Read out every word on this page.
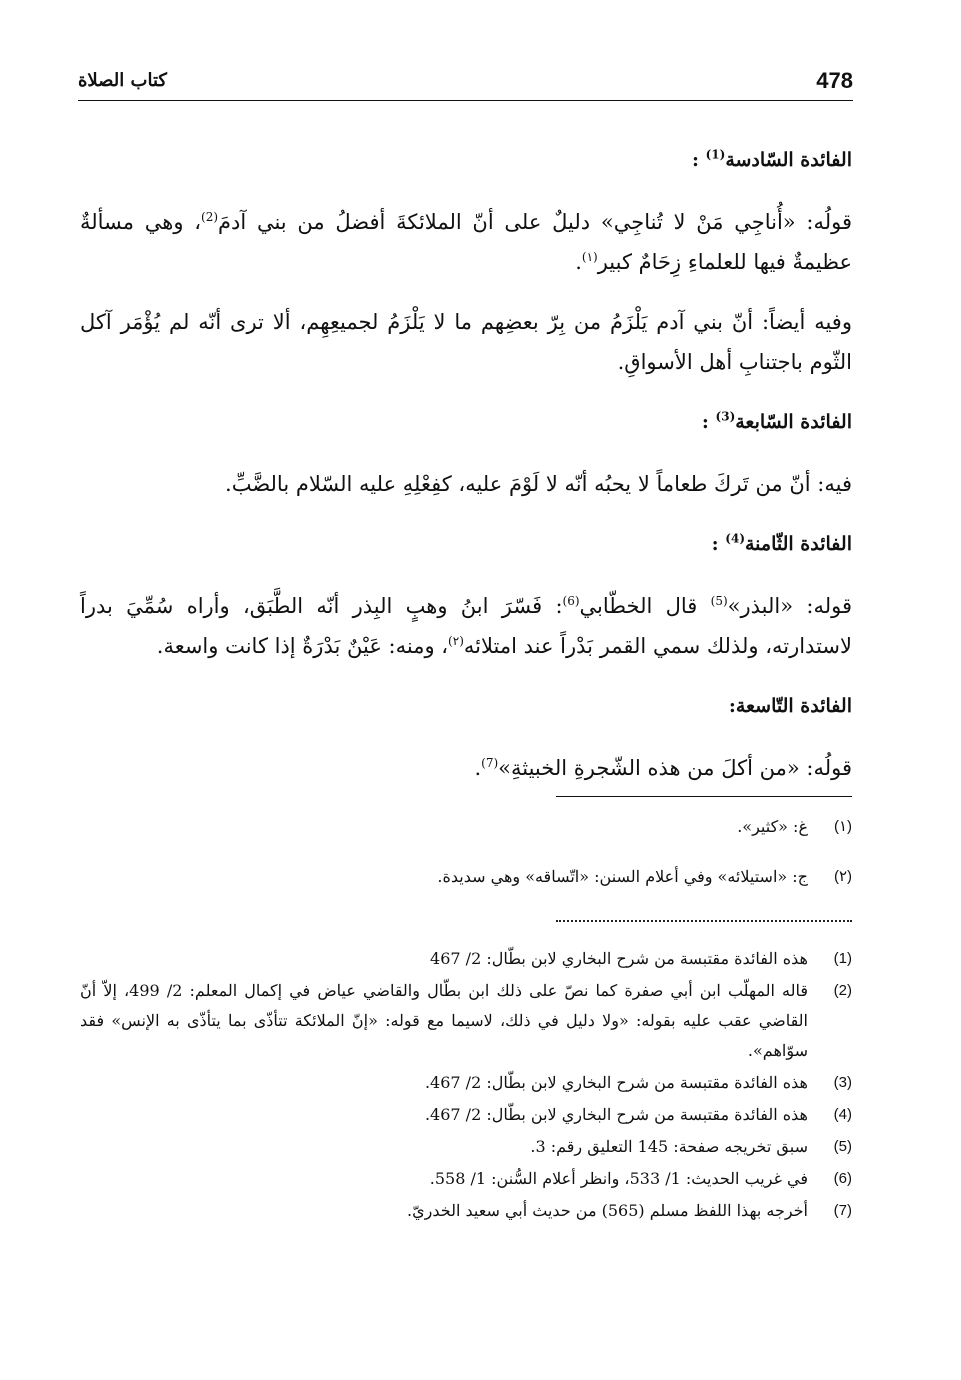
478
كتاب الصلاة
الفائدة السّادسة$^{(1)}$ :

قولُه: «أُناجِي مَنْ لا تُناجِي» دليلٌ على أنّ الملائكةَ أفضلُ من بني آدمَ$^{(2)}$، وهي مسألةٌ عظيمةٌ فيها للعلماءِ زِحَامٌ كبير$^{(١)}$.

وفيه أيضاً: أنّ بني آدم يَلْزَمُ من بِرّ بعضِهم ما لا يَلْزَمُ لجميعِهِم، ألا ترى أنّه لم يُؤْمَر آكل الثّوم باجتنابِ أهل الأسواقِ.

الفائدة السّابعة$^{(3)}$ :

فيه: أنّ من تَركَ طعاماً لا يحبُه أنّه لا لَوْمَ عليه، كفِعْلِهِ عليه السّلام بالضَّبِّ.

الفائدة الثّامنة$^{(4)}$ :

قوله: «البذر»$^{(5)}$ قال الخطّابي$^{(6)}$: فَسّرَ ابنُ وهبٍ البِذر أنّه الطَّبَق، وأراه سُمِّيَ بدراً لاستدارته، ولذلك سمي القمر بَدْراً عند امتلائه$^{(٢)}$، ومنه: عَيْنٌ بَدْرَةٌ إذا كانت واسعة.

الفائدة التّاسعة:

قولُه: «من أكلَ من هذه الشّجرةِ الخبيثةِ»$^{(7)}$.

(١)
غ: «كثير».
(٢)
ج: «استيلائه» وفي أعلام السنن: «اتّساقه» وهي سديدة.
(1)
هذه الفائدة مقتبسة من شرح البخاري لابن بطّال: 2/ 467
(2)
قاله المهلّب ابن أبي صفرة كما نصّ على ذلك ابن بطّال والقاضي عياض في إكمال المعلم: 2/ 499، إلاّ أنّ القاضي عقب عليه بقوله: «ولا دليل في ذلك، لاسيما مع قوله: «إنّ الملائكة تتأذّى بما يتأذّى به الإنس» فقد سوّاهم».
(3)
هذه الفائدة مقتبسة من شرح البخاري لابن بطّال: 2/ 467.
(4)
هذه الفائدة مقتبسة من شرح البخاري لابن بطّال: 2/ 467.
(5)
سبق تخريجه صفحة: 145 التعليق رقم: 3.
(6)
في غريب الحديث: 1/ 533، وانظر أعلام السُّنن: 1/ 558.
(7)
أخرجه بهذا اللفظ مسلم (565) من حديث أبي سعيد الخدريّ.
